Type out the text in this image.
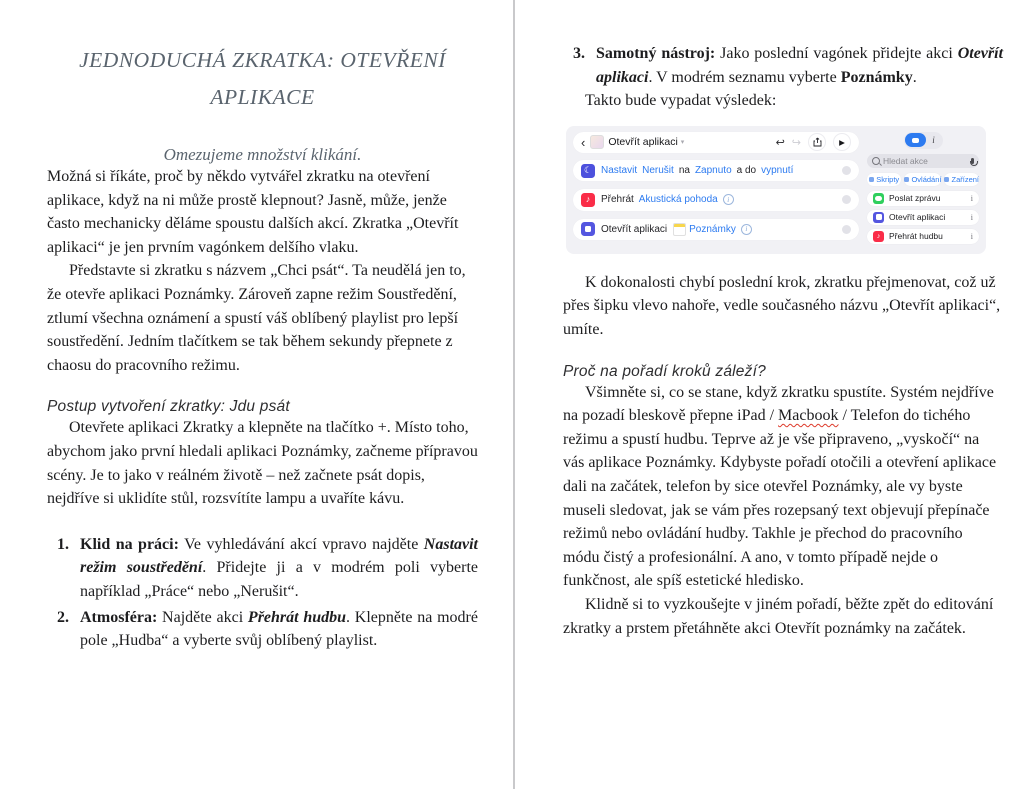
JEDNODUCHÁ ZKRATKA: OTEVŘENÍ APLIKACE
Omezujeme množství klikání.

Možná si říkáte, proč by někdo vytvářel zkratku na otevření aplikace, když na ni může prostě klepnout? Jasně, může, jenže často mechanicky děláme spoustu dalších akcí. Zkratka „Otevřít aplikaci“ je jen prvním vagónkem delšího vlaku.

Představte si zkratku s názvem „Chci psát“. Ta neudělá jen to, že otevře aplikaci Poznámky. Zároveň zapne režim Soustředění, ztlumí všechna oznámení a spustí váš oblíbený playlist pro lepší soustředění. Jedním tlačítkem se tak během sekundy přepnete z chaosu do pracovního režimu.

Postup vytvoření zkratky: Jdu psát

Otevřete aplikaci Zkratky a klepněte na tlačítko +. Místo toho, abychom jako první hledali aplikaci Poznámky, začneme přípravou scény. Je to jako v reálném životě – než začnete psát dopis, nejdříve si uklidíte stůl, rozsvítíte lampu a uvaříte kávu.

1. Klid na práci: Ve vyhledávání akcí vpravo najděte Nastavit režim soustředění. Přidejte ji a v modrém poli vyberte například „Práce“ nebo „Nerušit“.
2. Atmosféra: Najděte akci Přehrát hudbu. Klepněte na modré pole „Hudba“ a vyberte svůj oblíbený playlist.
3. Samotný nástroj: Jako poslední vagónek přidejte akci Otevřít aplikaci. V modrém seznamu vyberte Poznámky.

Takto bude vypadat výsledek:

‹ Otevřít aplikaci ▾	↩ ↪	▶
☾ Nastavit Nerušit na Zapnuto a do vypnutí
♪	Přehrát Akustická pohoda	i
Otevřít aplikaci Poznámky	i
i
Hledat akce
Skripty Ovládání Zařízení
Poslat zprávu	i
Otevřít aplikaci	i
♪	Přehrát hudbu	i

K dokonalosti chybí poslední krok, zkratku přejmenovat, což už přes šipku vlevo nahoře, vedle současného názvu „Otevřít aplikaci“, umíte.

Proč na pořadí kroků záleží?

Všimněte si, co se stane, když zkratku spustíte. Systém nejdříve na pozadí bleskově přepne iPad / Macbook / Telefon do tichého režimu a spustí hudbu. Teprve až je vše připraveno, „vyskočí“ na vás aplikace Poznámky. Kdybyste pořadí otočili a otevření aplikace dali na začátek, telefon by sice otevřel Poznámky, ale vy byste museli sledovat, jak se vám přes rozepsaný text objevují přepínače režimů nebo ovládání hudby. Takhle je přechod do pracovního módu čistý a profesionální. A ano, v tomto případě nejde o funkčnost, ale spíš estetické hledisko.

Klidně si to vyzkoušejte v jiném pořadí, běžte zpět do editování zkratky a prstem přetáhněte akci Otevřít poznámky na začátek.
